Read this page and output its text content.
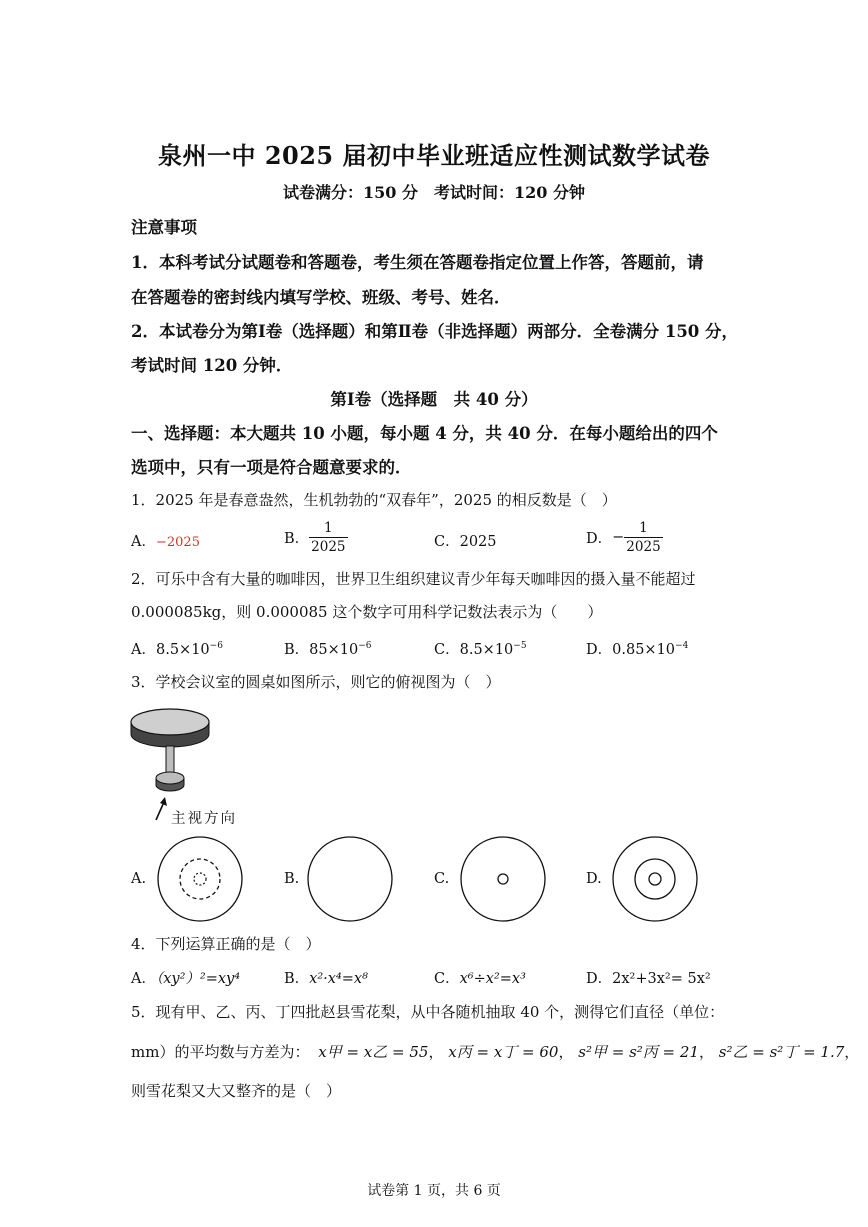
泉州一中 2025 届初中毕业班适应性测试数学试卷
试卷满分：150 分　考试时间：120 分钟
注意事项
1．本科考试分试题卷和答题卷，考生须在答题卷指定位置上作答，答题前，请
在答题卷的密封线内填写学校、班级、考号、姓名．
2．本试卷分为第Ⅰ卷（选择题）和第Ⅱ卷（非选择题）两部分．全卷满分 150 分，
考试时间 120 分钟．
第Ⅰ卷（选择题　共 40 分）
一、选择题：本大题共 10 小题，每小题 4 分，共 40 分．在每小题给出的四个
选项中，只有一项是符合题意要求的．
1．2025 年是春意盎然，生机勃勃的“双春年”，2025 的相反数是（　）
A．−2025	B． $\frac{1}{2025}$	C．2025	D．− $\frac{1}{2025}$
2．可乐中含有大量的咖啡因，世界卫生组织建议青少年每天咖啡因的摄入量不能超过
0.000085kg，则 0.000085 这个数字可用科学记数法表示为（　　）
A．$8.5\times 10^{-6}$	B．$85\times 10^{-6}$	C．$8.5\times 10^{-5}$	D．$0.85\times 10^{-4}$
3．学校会议室的圆桌如图所示，则它的俯视图为（　）
主视方向
A.	B.	C.	D.
4．下列运算正确的是（　）
A．（xy²）²=xy⁴	B．x²·x⁴=x⁸	C．x⁶÷x²=x³	D．2x²+3x²= 5x²
5．现有甲、乙、丙、丁四批赵县雪花梨，从中各随机抽取 40 个，测得它们直径（单位：
mm）的平均数与方差为： x甲 = x乙 = 55， x丙 = x丁 = 60， s²甲 = s²丙 = 21， s²乙 = s²丁 = 1.7，
则雪花梨又大又整齐的是（　）
试卷第 1 页，共 6 页
